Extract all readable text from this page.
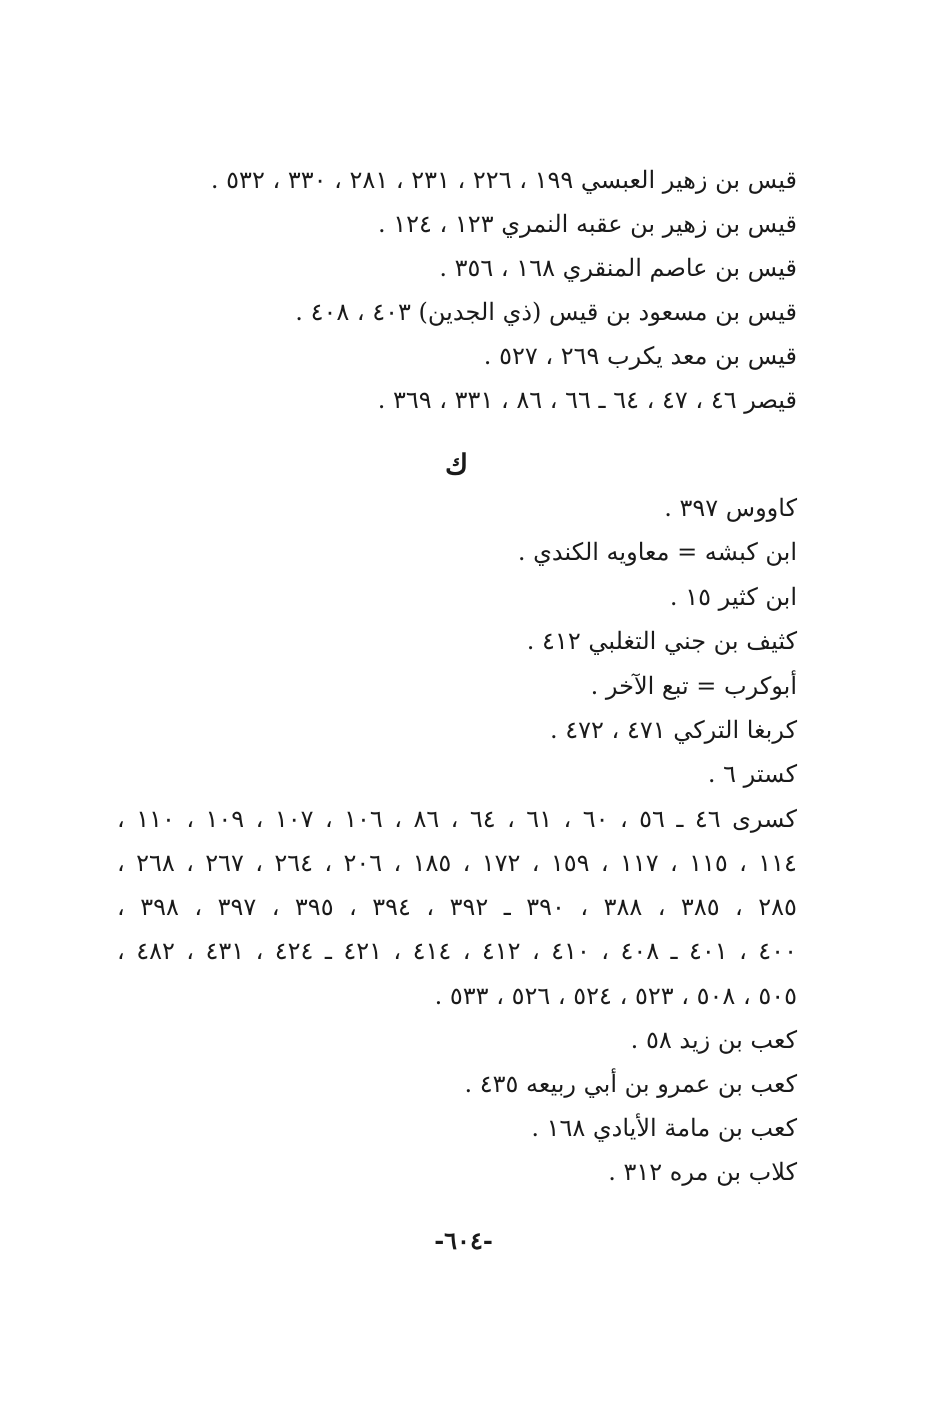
قيس بن زهير العبسي ١٩٩ ، ٢٢٦ ، ٢٣١ ، ٢٨١ ، ٣٣٠ ، ٥٣٢ .
قيس بن زهير بن عقبه النمري ١٢٣ ، ١٢٤ .
قيس بن عاصم المنقري ١٦٨ ، ٣٥٦ .
قيس بن مسعود بن قيس (ذي الجدين) ٤٠٣ ، ٤٠٨ .
قيس بن معد يكرب ٢٦٩ ، ٥٢٧ .
قيصر ٤٦ ، ٤٧ ، ٦٤ ـ ٦٦ ، ٨٦ ، ٣٣١ ، ٣٦٩ .
ك
كاووس ٣٩٧ .
ابن كبشه = معاويه الكندي .
ابن كثير ١٥ .
كثيف بن جني التغلبي ٤١٢ .
أبوكرب = تبع الآخر .
كربغا التركي ٤٧١ ، ٤٧٢ .
كستر ٦ .
كسرى ٤٦ ـ ٥٦ ، ٦٠ ، ٦١ ، ٦٤ ، ٨٦ ، ١٠٦ ، ١٠٧ ، ١٠٩ ، ١١٠ ،
١١٤ ، ١١٥ ، ١١٧ ، ١٥٩ ، ١٧٢ ، ١٨٥ ، ٢٠٦ ، ٢٦٤ ، ٢٦٧ ، ٢٦٨ ،
٢٨٥ ، ٣٨٥ ، ٣٨٨ ، ٣٩٠ ـ ٣٩٢ ، ٣٩٤ ، ٣٩٥ ، ٣٩٧ ، ٣٩٨ ،
٤٠٠ ، ٤٠١ ـ ٤٠٨ ، ٤١٠ ، ٤١٢ ، ٤١٤ ، ٤٢١ ـ ٤٢٤ ، ٤٣١ ، ٤٨٢ ،
٥٠٥ ، ٥٠٨ ، ٥٢٣ ، ٥٢٤ ، ٥٢٦ ، ٥٣٣ .
كعب بن زيد ٥٨ .
كعب بن عمرو بن أبي ربيعه ٤٣٥ .
كعب بن مامة الأيادي ١٦٨ .
كلاب بن مره ٣١٢ .
-٦٠٤-
